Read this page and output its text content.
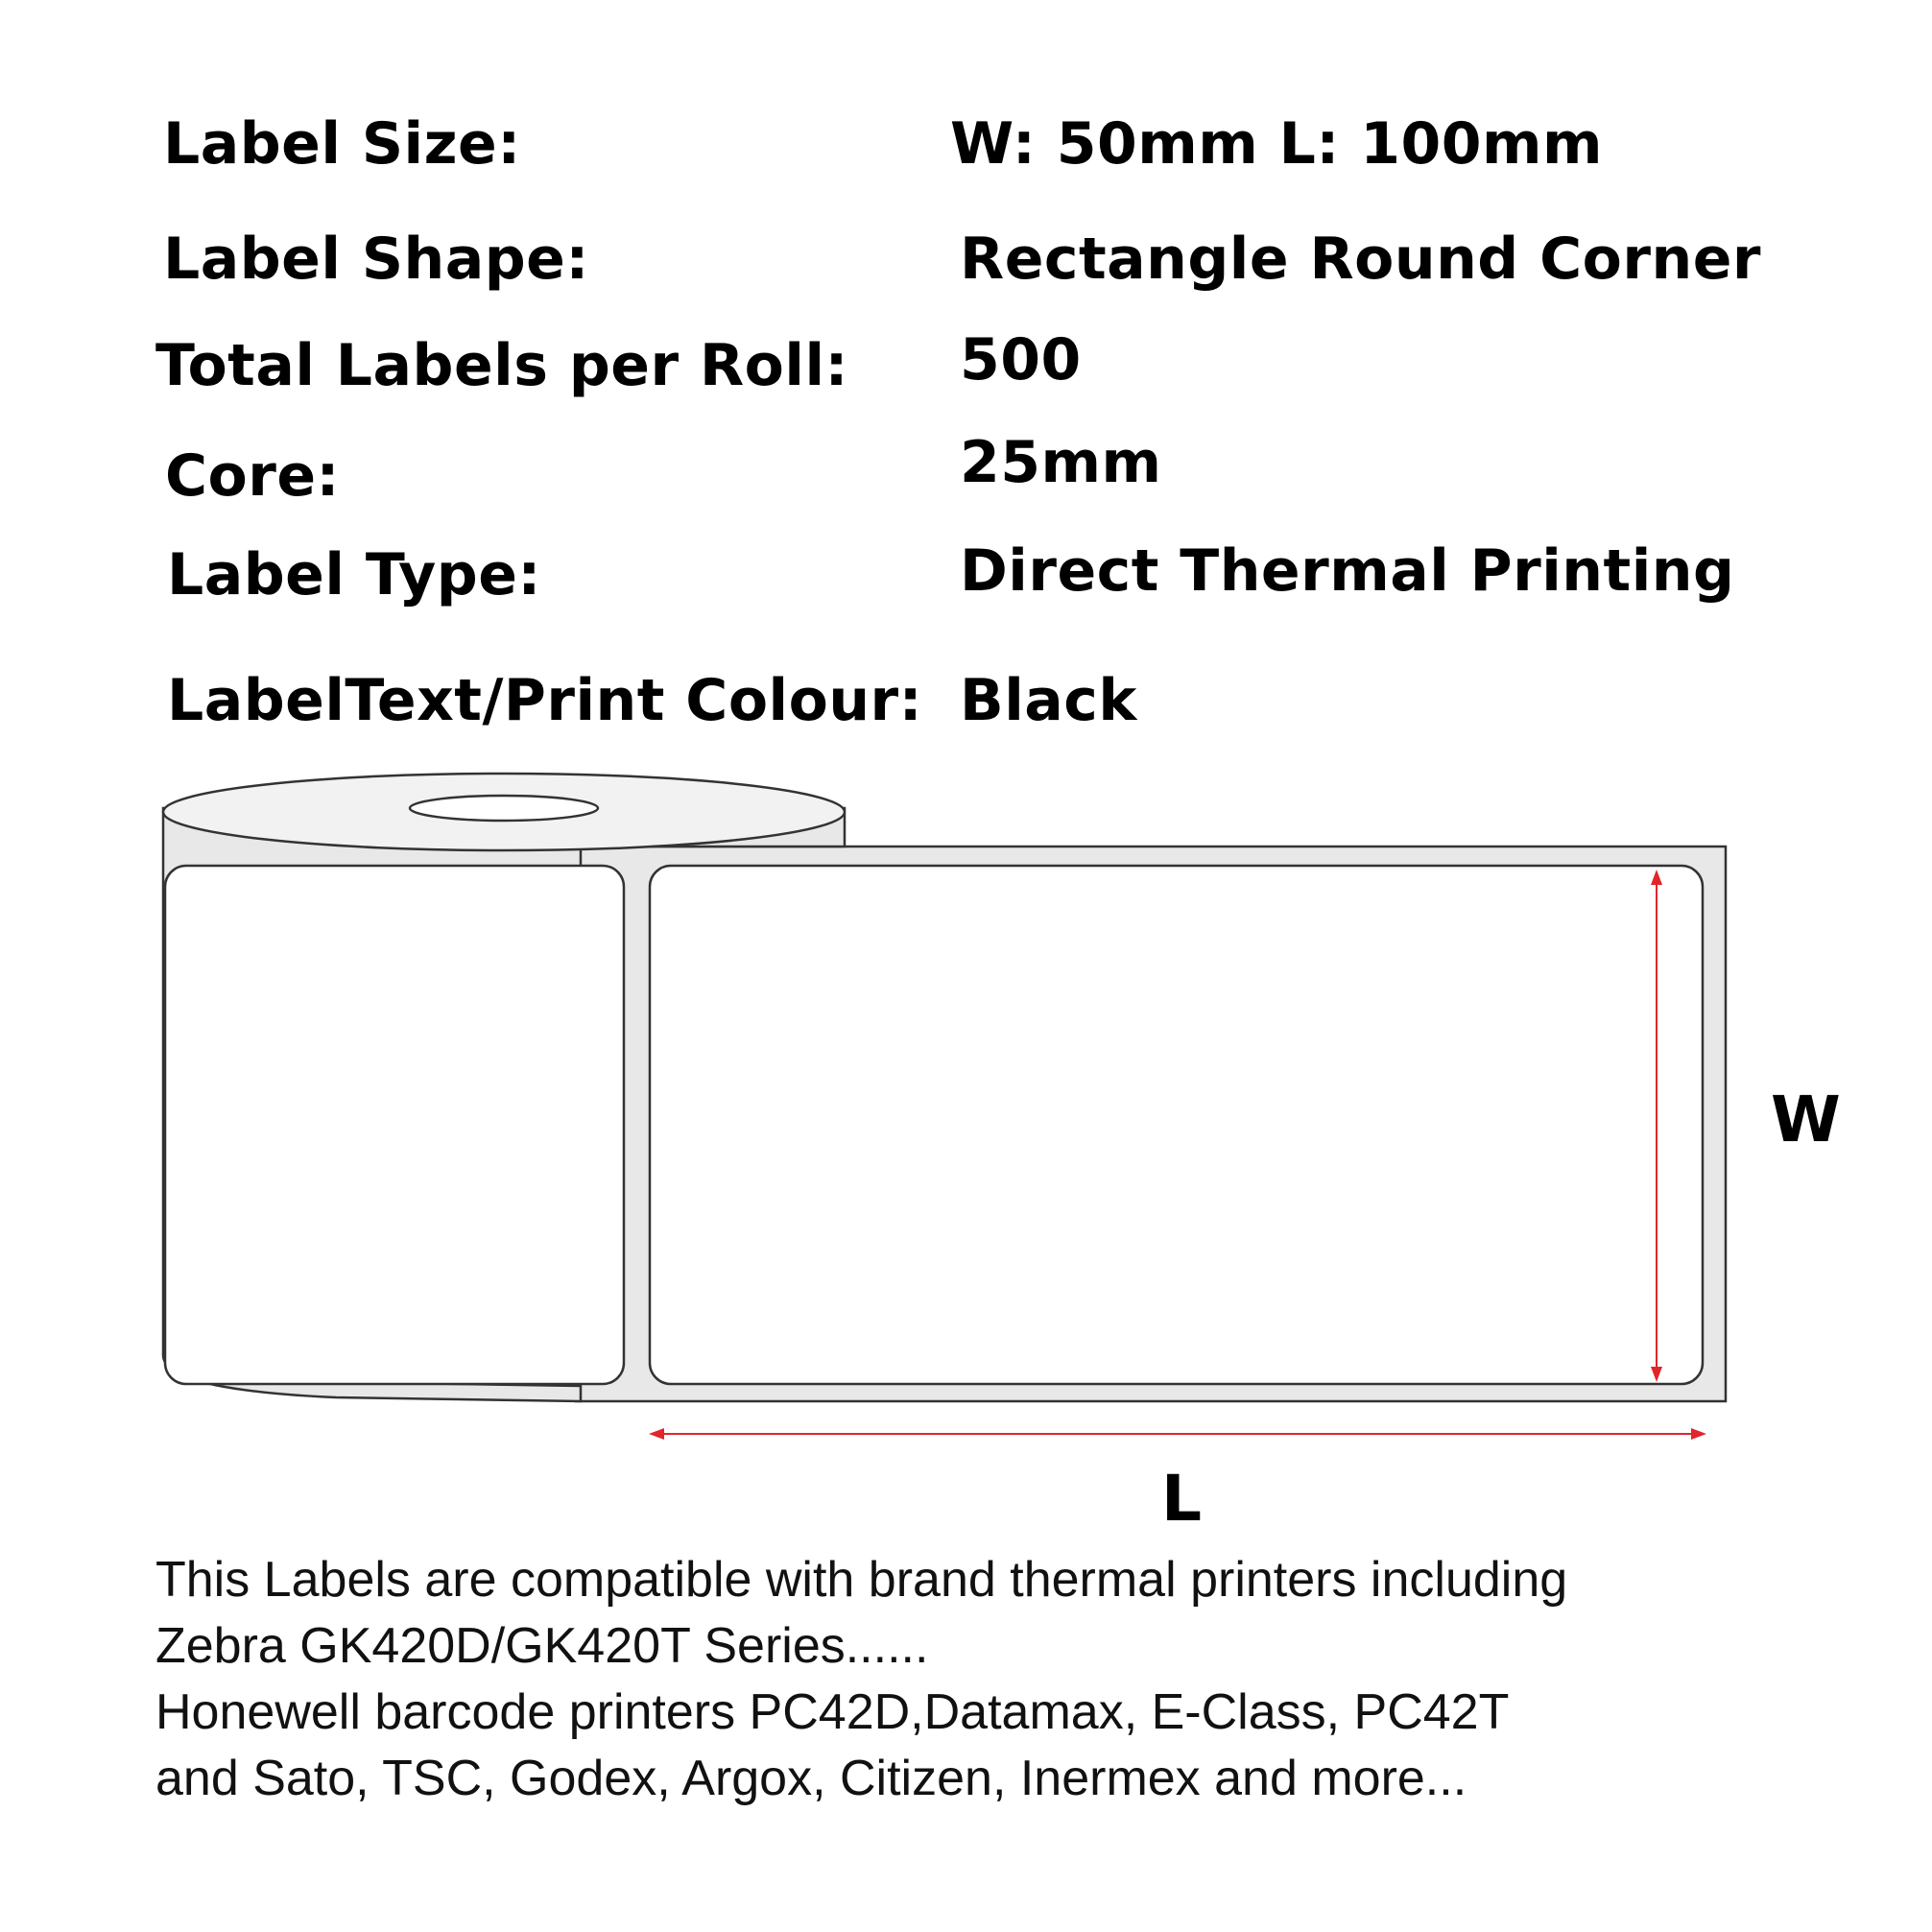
Label Size:	W: 50mm L: 100mm
Label Shape:	Rectangle Round Corner
Total Labels per Roll: 500
Core:	25mm
Label Type:	Direct Thermal Printing
LabelText/Print Colour: Black
W
L
This Labels are compatible with brand thermal printers including
Zebra GK420D/GK420T Series......
Honewell barcode printers PC42D,Datamax, E-Class, PC42T
and Sato, TSC, Godex, Argox, Citizen, Inermex and more...
